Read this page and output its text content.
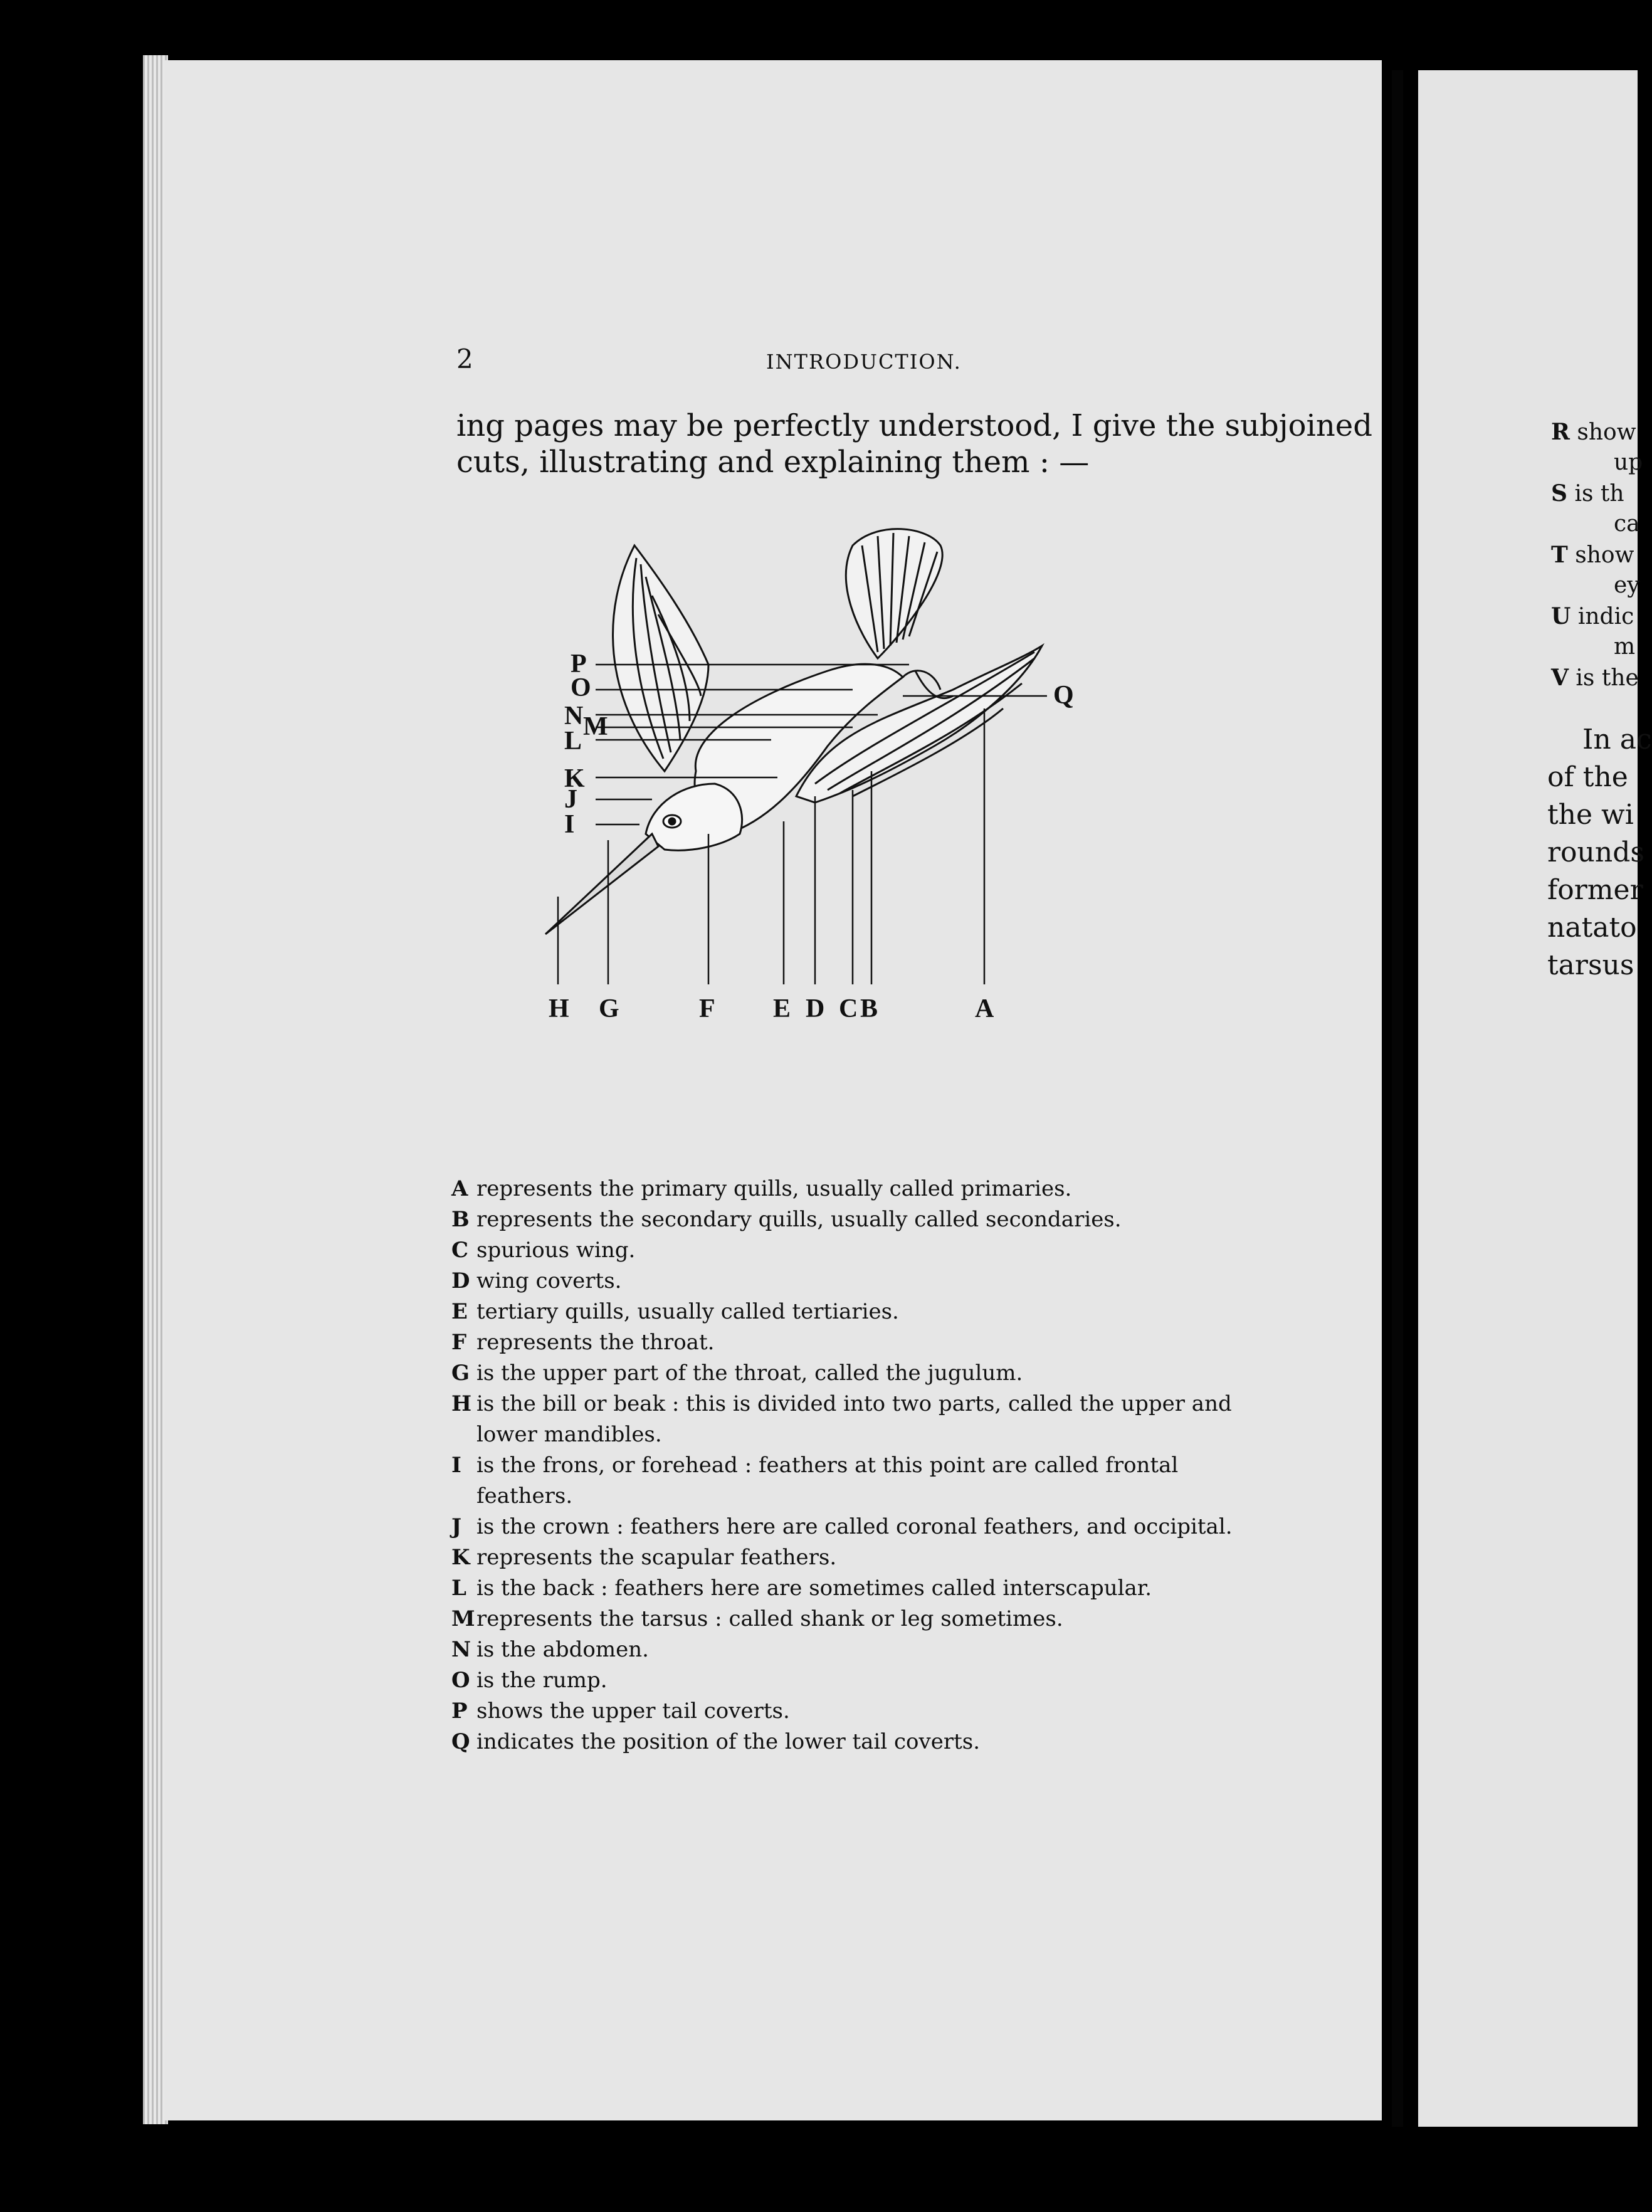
2	INTRODUCTION.
ing pages may be perfectly understood, I give the subjoined
cuts, illustrating and explaining them : —
P
O
N M
L
K
J
I
Q
H G	F E D C B	A
A represents the primary quills, usually called primaries.
B represents the secondary quills, usually called secondaries.
C spurious wing.
D wing coverts.
E tertiary quills, usually called tertiaries.
F represents the throat.
G is the upper part of the throat, called the jugulum.
H is the bill or beak : this is divided into two parts, called the upper and lower mandibles.
I is the frons, or forehead : feathers at this point are called frontal feathers.
J is the crown : feathers here are called coronal feathers, and occipital.
K represents the scapular feathers.
L is the back : feathers here are sometimes called interscapular.
M represents the tarsus : called shank or leg sometimes.
N is the abdomen.
O is the rump.
P shows the upper tail coverts.
Q indicates the position of the lower tail coverts.
R show
up
S is th
ca
T show
ey
U indic
m
V is the
In ac
of the
the wi
rounds
former
natato
tarsus
